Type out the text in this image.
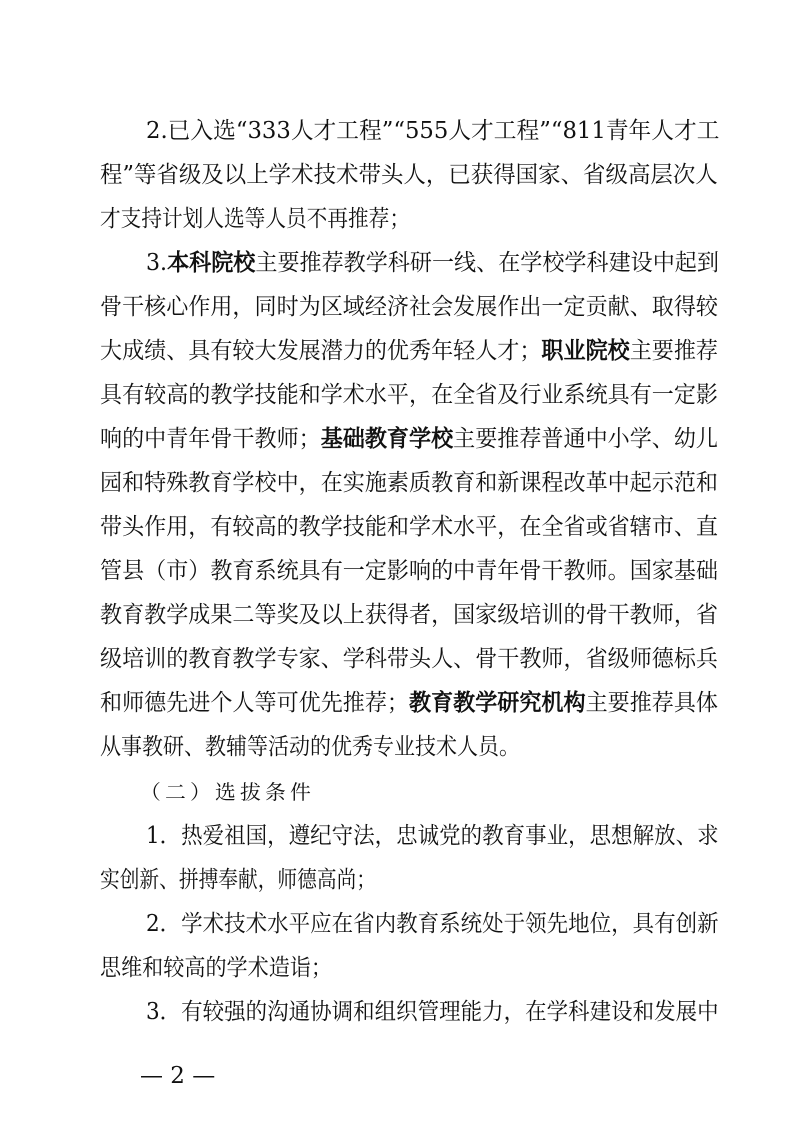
2.已入选“333人才工程”“555人才工程”“811青年人才工
程”等省级及以上学术技术带头人，已获得国家、省级高层次人
才支持计划人选等人员不再推荐；
3.本科院校主要推荐教学科研一线、在学校学科建设中起到
骨干核心作用，同时为区域经济社会发展作出一定贡献、取得较
大成绩、具有较大发展潜力的优秀年轻人才；职业院校主要推荐
具有较高的教学技能和学术水平，在全省及行业系统具有一定影
响的中青年骨干教师；基础教育学校主要推荐普通中小学、幼儿
园和特殊教育学校中，在实施素质教育和新课程改革中起示范和
带头作用，有较高的教学技能和学术水平，在全省或省辖市、直
管县（市）教育系统具有一定影响的中青年骨干教师。国家基础
教育教学成果二等奖及以上获得者，国家级培训的骨干教师，省
级培训的教育教学专家、学科带头人、骨干教师，省级师德标兵
和师德先进个人等可优先推荐；教育教学研究机构主要推荐具体
从事教研、教辅等活动的优秀专业技术人员。
（二）选拔条件
1．热爱祖国，遵纪守法，忠诚党的教育事业，思想解放、求
实创新、拼搏奉献，师德高尚；
2．学术技术水平应在省内教育系统处于领先地位，具有创新
思维和较高的学术造诣；
3．有较强的沟通协调和组织管理能力，在学科建设和发展中
— 2 —
